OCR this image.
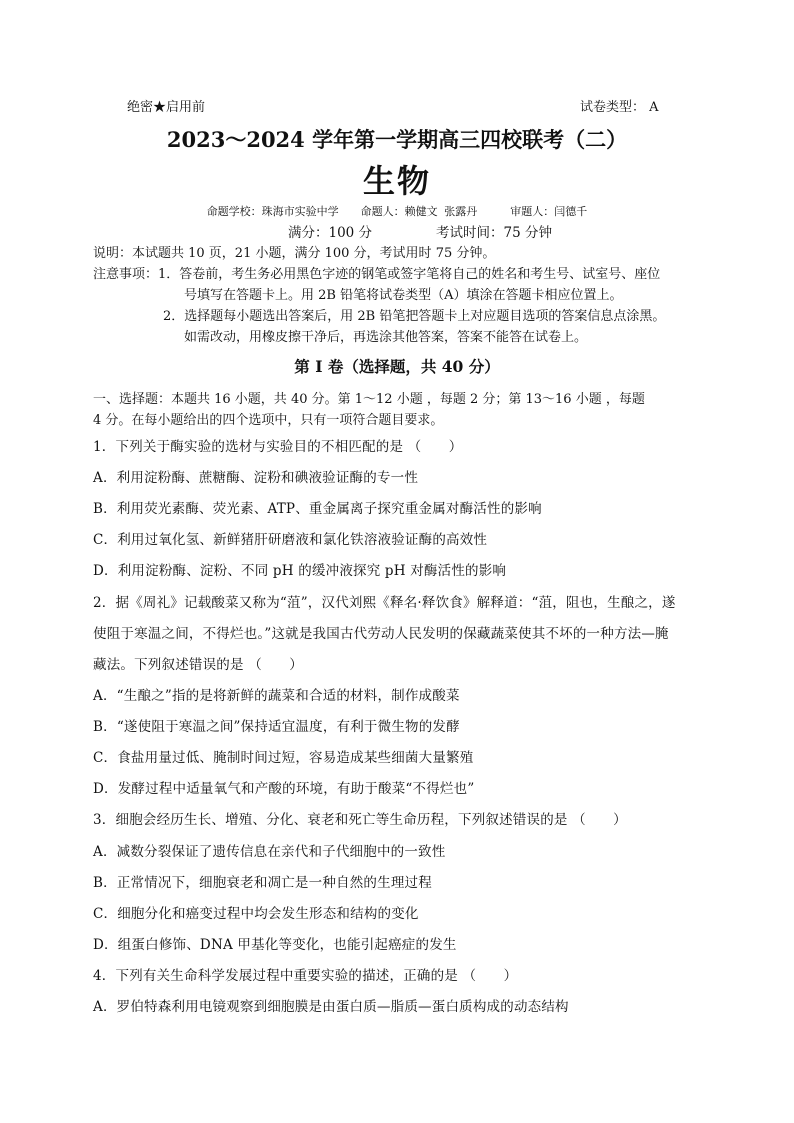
绝密★启用前	试卷类型： A
2023～2024 学年第一学期高三四校联考（二）
生物
命题学校：珠海市实验中学　　命题人：赖健文 张露丹　　　审题人：闫德千
满分：100 分	考试时间：75 分钟
说明：本试题共 10 页，21 小题，满分 100 分，考试用时 75 分钟。
注意事项：1．答卷前，考生务必用黑色字迹的钢笔或签字笔将自己的姓名和考生号、试室号、座位
号填写在答题卡上。用 2B 铅笔将试卷类型（A）填涂在答题卡相应位置上。
2．选择题每小题选出答案后，用 2B 铅笔把答题卡上对应题目选项的答案信息点涂黑。
如需改动，用橡皮擦干净后，再选涂其他答案，答案不能答在试卷上。
第 I 卷（选择题，共 40 分）
一、选择题：本题共 16 小题，共 40 分。第 1～12 小题 ，每题 2 分；第 13～16 小题 ，每题
4 分。在每小题给出的四个选项中，只有一项符合题目要求。
1．下列关于酶实验的选材与实验目的不相匹配的是 （　　）
A．利用淀粉酶、蔗糖酶、淀粉和碘液验证酶的专一性
B．利用荧光素酶、荧光素、ATP、重金属离子探究重金属对酶活性的影响
C．利用过氧化氢、新鲜猪肝研磨液和氯化铁溶液验证酶的高效性
D．利用淀粉酶、淀粉、不同 pH 的缓冲液探究 pH 对酶活性的影响
2．据《周礼》记载酸菜又称为“菹”，汉代刘熙《释名·释饮食》解释道：“菹，阻也，生酿之，遂
使阻于寒温之间，不得烂也。”这就是我国古代劳动人民发明的保藏蔬菜使其不坏的一种方法—腌
藏法。下列叙述错误的是 （　　）
A．“生酿之”指的是将新鲜的蔬菜和合适的材料，制作成酸菜
B．“遂使阻于寒温之间”保持适宜温度，有利于微生物的发酵
C．食盐用量过低、腌制时间过短，容易造成某些细菌大量繁殖
D．发酵过程中适量氧气和产酸的环境，有助于酸菜“不得烂也”
3．细胞会经历生长、增殖、分化、衰老和死亡等生命历程，下列叙述错误的是 （　　）
A．减数分裂保证了遗传信息在亲代和子代细胞中的一致性
B．正常情况下，细胞衰老和凋亡是一种自然的生理过程
C．细胞分化和癌变过程中均会发生形态和结构的变化
D．组蛋白修饰、DNA 甲基化等变化，也能引起癌症的发生
4．下列有关生命科学发展过程中重要实验的描述，正确的是 （　　）
A．罗伯特森利用电镜观察到细胞膜是由蛋白质—脂质—蛋白质构成的动态结构
